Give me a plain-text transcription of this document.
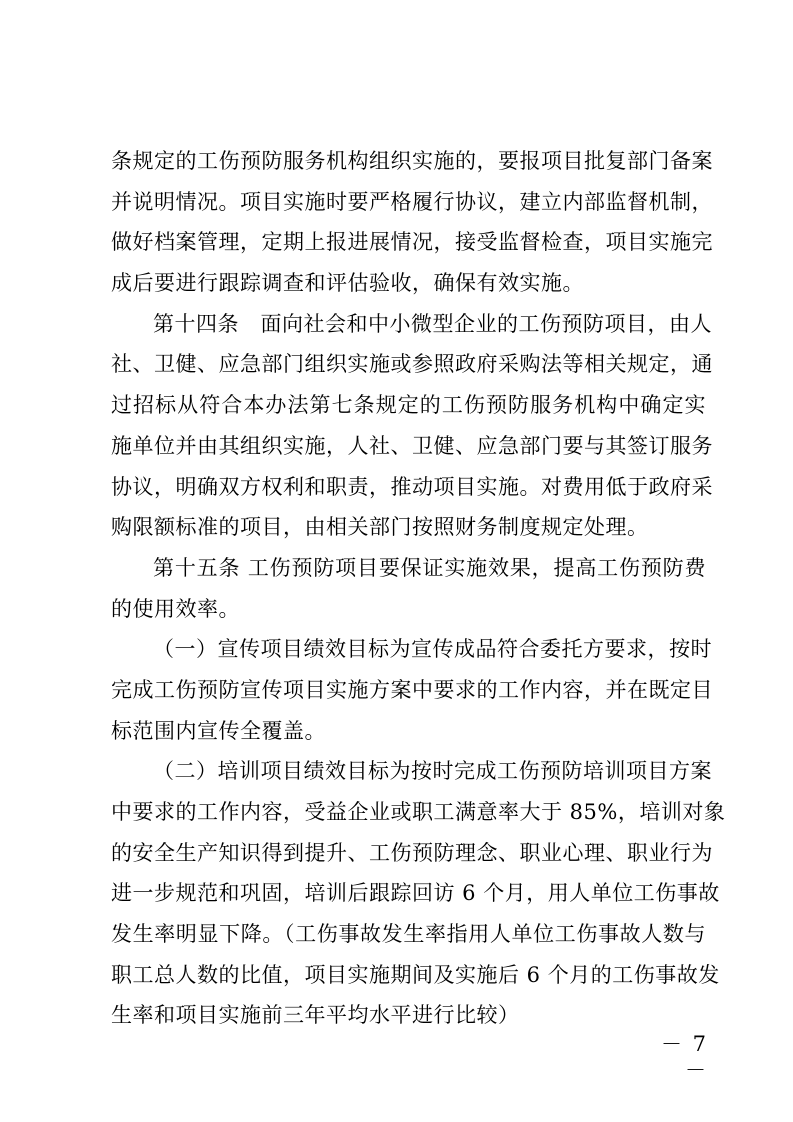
条规定的工伤预防服务机构组织实施的，要报项目批复部门备案
并说明情况。项目实施时要严格履行协议，建立内部监督机制，
做好档案管理，定期上报进展情况，接受监督检查，项目实施完
成后要进行跟踪调查和评估验收，确保有效实施。
第十四条　面向社会和中小微型企业的工伤预防项目，由人
社、卫健、应急部门组织实施或参照政府采购法等相关规定，通
过招标从符合本办法第七条规定的工伤预防服务机构中确定实
施单位并由其组织实施，人社、卫健、应急部门要与其签订服务
协议，明确双方权利和职责，推动项目实施。对费用低于政府采
购限额标准的项目，由相关部门按照财务制度规定处理。
第十五条 工伤预防项目要保证实施效果，提高工伤预防费
的使用效率。
（一）宣传项目绩效目标为宣传成品符合委托方要求，按时
完成工伤预防宣传项目实施方案中要求的工作内容，并在既定目
标范围内宣传全覆盖。
（二）培训项目绩效目标为按时完成工伤预防培训项目方案
中要求的工作内容，受益企业或职工满意率大于 85%，培训对象
的安全生产知识得到提升、工伤预防理念、职业心理、职业行为
进一步规范和巩固，培训后跟踪回访 6 个月，用人单位工伤事故
发生率明显下降。（工伤事故发生率指用人单位工伤事故人数与
职工总人数的比值，项目实施期间及实施后 6 个月的工伤事故发
生率和项目实施前三年平均水平进行比较）
－ 7 －
